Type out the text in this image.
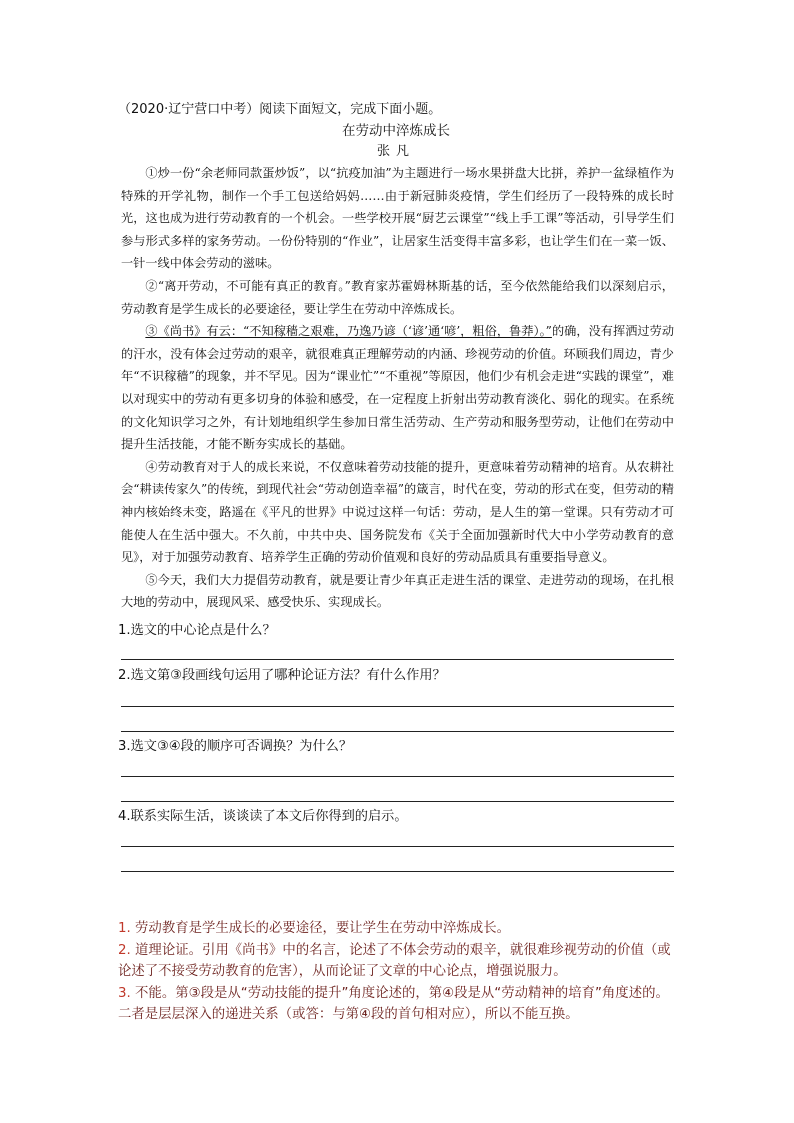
（2020·辽宁营口中考）阅读下面短文，完成下面小题。
在劳动中淬炼成长
张凡

①炒一份“余老师同款蛋炒饭”，以“抗疫加油”为主题进行一场水果拼盘大比拼，养护一盆绿植作为特殊的开学礼物，制作一个手工包送给妈妈……由于新冠肺炎疫情，学生们经历了一段特殊的成长时光，这也成为进行劳动教育的一个机会。一些学校开展“厨艺云课堂”“线上手工课”等活动，引导学生们参与形式多样的家务劳动。一份份特别的“作业”，让居家生活变得丰富多彩，也让学生们在一菜一饭、一针一线中体会劳动的滋味。

②“离开劳动，不可能有真正的教育。”教育家苏霍姆林斯基的话，至今依然能给我们以深刻启示，劳动教育是学生成长的必要途径，要让学生在劳动中淬炼成长。

③《尚书》有云：“不知稼穑之艰难，乃逸乃谚（‘谚’通‘喭’，粗俗，鲁莽）。”的确，没有挥洒过劳动的汗水，没有体会过劳动的艰辛，就很难真正理解劳动的内涵、珍视劳动的价值。环顾我们周边，青少年“不识稼穑”的现象，并不罕见。因为“课业忙”“不重视”等原因，他们少有机会走进“实践的课堂”，难以对现实中的劳动有更多切身的体验和感受，在一定程度上折射出劳动教育淡化、弱化的现实。在系统的文化知识学习之外，有计划地组织学生参加日常生活劳动、生产劳动和服务型劳动，让他们在劳动中提升生活技能，才能不断夯实成长的基础。

④劳动教育对于人的成长来说，不仅意味着劳动技能的提升，更意味着劳动精神的培育。从农耕社会“耕读传家久”的传统，到现代社会“劳动创造幸福”的箴言，时代在变，劳动的形式在变，但劳动的精神内核始终未变，路遥在《平凡的世界》中说过这样一句话：劳动，是人生的第一堂课。只有劳动才可能使人在生活中强大。不久前，中共中央、国务院发布《关于全面加强新时代大中小学劳动教育的意见》，对于加强劳动教育、培养学生正确的劳动价值观和良好的劳动品质具有重要指导意义。

⑤今天，我们大力提倡劳动教育，就是要让青少年真正走进生活的课堂、走进劳动的现场，在扎根大地的劳动中，展现风采、感受快乐、实现成长。

1.选文的中心论点是什么？
2.选文第③段画线句运用了哪种论证方法？有什么作用？
3.选文③④段的顺序可否调换？为什么？
4.联系实际生活，谈谈读了本文后你得到的启示。

1. 劳动教育是学生成长的必要途径，要让学生在劳动中淬炼成长。

2. 道理论证。引用《尚书》中的名言，论述了不体会劳动的艰辛，就很难珍视劳动的价值（或论述了不接受劳动教育的危害），从而论证了文章的中心论点，增强说服力。

3. 不能。第③段是从“劳动技能的提升”角度论述的，第④段是从“劳动精神的培育”角度述的。二者是层层深入的递进关系（或答：与第④段的首句相对应），所以不能互换。
